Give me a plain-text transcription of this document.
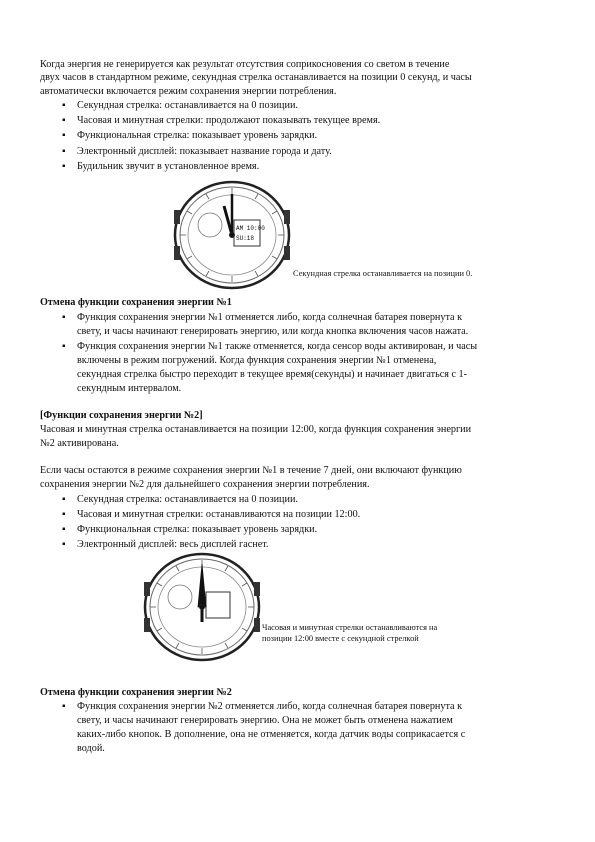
Когда энергия не генерируется как результат отсутствия соприкосновения со светом в течение
двух часов в стандартном режиме, секундная стрелка останавливается на позиции 0 секунд, и часы
автоматически включается режим сохранения энергии потребления.
▪ Секундная стрелка: останавливается на 0 позиции.
▪ Часовая и минутная стрелки: продолжают показывать текущее время.
▪ Функциональная стрелка: показывает уровень зарядки.
▪ Электронный дисплей: показывает название города и дату.
▪ Будильник звучит в установленное время.
AM 10:00
SU:18
Секундная стрелка останавливается на позиции 0.
Отмена функции сохранения энергии №1
▪ Функция сохранения энергии №1 отменяется либо, когда солнечная батарея повернута к
свету, и часы начинают генерировать энергию, или когда кнопка включения часов нажата.
▪ Функция сохранения энергии №1 также отменяется, когда сенсор воды активирован, и часы
включены в режим погружений. Когда функция сохранения энергии №1 отменена,
секундная стрелка быстро переходит в текущее время(секунды) и начинает двигаться с 1-
секундным интервалом.
[Функции сохранения энергии №2]
Часовая и минутная стрелка останавливается на позиции 12:00, когда функция сохранения энергии
№2 активирована.
Если часы остаются в режиме сохранения энергии №1 в течение 7 дней, они включают функцию
сохранения энергии №2 для дальнейшего сохранения энергии потребления.
▪ Секундная стрелка: останавливается на 0 позиции.
▪ Часовая и минутная стрелки: останавливаются на позиции 12:00.
▪ Функциональная стрелка: показывает уровень зарядки.
▪ Электронный дисплей: весь дисплей гаснет.
Часовая и минутная стрелки останавливаются на
позиции 12:00 вместе с секундной стрелкой
Отмена функции сохранения энергии №2
▪ Функция сохранения энергии №2 отменяется либо, когда солнечная батарея повернута к
свету, и часы начинают генерировать энергию. Она не может быть отменена нажатием
каких-либо кнопок. В дополнение, она не отменяется, когда датчик воды соприкасается с
водой.
